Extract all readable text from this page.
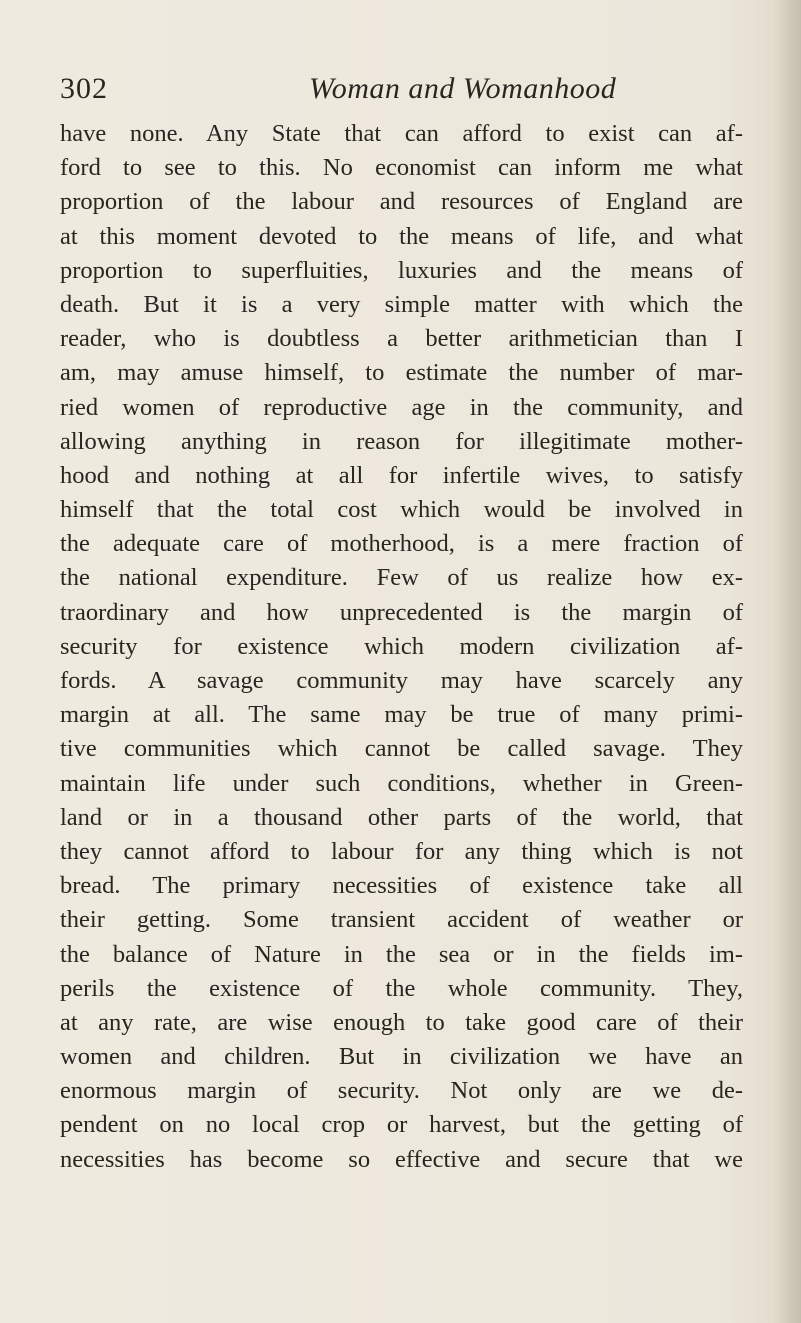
302	Woman and Womanhood
have none. Any State that can afford to exist can af-
ford to see to this. No economist can inform me what
proportion of the labour and resources of England are
at this moment devoted to the means of life, and what
proportion to superfluities, luxuries and the means of
death. But it is a very simple matter with which the
reader, who is doubtless a better arithmetician than I
am, may amuse himself, to estimate the number of mar-
ried women of reproductive age in the community, and
allowing anything in reason for illegitimate mother-
hood and nothing at all for infertile wives, to satisfy
himself that the total cost which would be involved in
the adequate care of motherhood, is a mere fraction of
the national expenditure. Few of us realize how ex-
traordinary and how unprecedented is the margin of
security for existence which modern civilization af-
fords. A savage community may have scarcely any
margin at all. The same may be true of many primi-
tive communities which cannot be called savage. They
maintain life under such conditions, whether in Green-
land or in a thousand other parts of the world, that
they cannot afford to labour for any thing which is not
bread. The primary necessities of existence take all
their getting. Some transient accident of weather or
the balance of Nature in the sea or in the fields im-
perils the existence of the whole community. They,
at any rate, are wise enough to take good care of their
women and children. But in civilization we have an
enormous margin of security. Not only are we de-
pendent on no local crop or harvest, but the getting of
necessities has become so effective and secure that we
